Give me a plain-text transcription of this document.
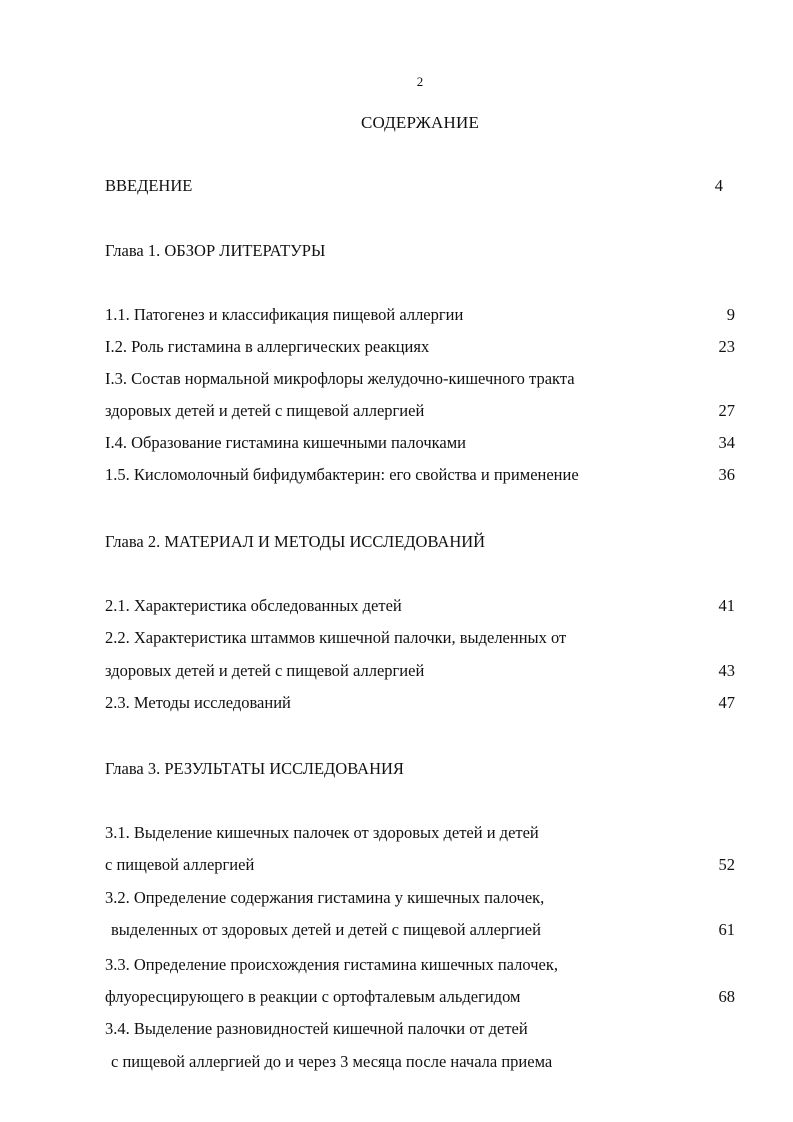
2
СОДЕРЖАНИЕ
ВВЕДЕНИЕ	4
Глава 1. ОБЗОР ЛИТЕРАТУРЫ
1.1. Патогенез и классификация пищевой аллергии	9
I.2. Роль гистамина в аллергических реакциях	23
I.3. Состав нормальной микрофлоры желудочно-кишечного тракта
здоровых детей и детей с пищевой аллергией	27
I.4. Образование гистамина кишечными палочками	34
1.5. Кисломолочный бифидумбактерин: его свойства и применение	36
Глава 2. МАТЕРИАЛ И МЕТОДЫ ИССЛЕДОВАНИЙ
2.1. Характеристика обследованных детей	41
2.2. Характеристика штаммов кишечной палочки, выделенных от
здоровых детей и детей с пищевой аллергией	43
2.3. Методы исследований	47
Глава 3. РЕЗУЛЬТАТЫ ИССЛЕДОВАНИЯ
3.1. Выделение кишечных палочек от здоровых детей и детей
с пищевой аллергией	52
3.2. Определение содержания гистамина у кишечных палочек,
выделенных от здоровых детей и детей с пищевой аллергией	61
3.3. Определение происхождения гистамина кишечных палочек,
флуоресцирующего в реакции с ортофталевым альдегидом	68
3.4. Выделение разновидностей кишечной палочки от детей
с пищевой аллергией до и через 3 месяца после начала приема
